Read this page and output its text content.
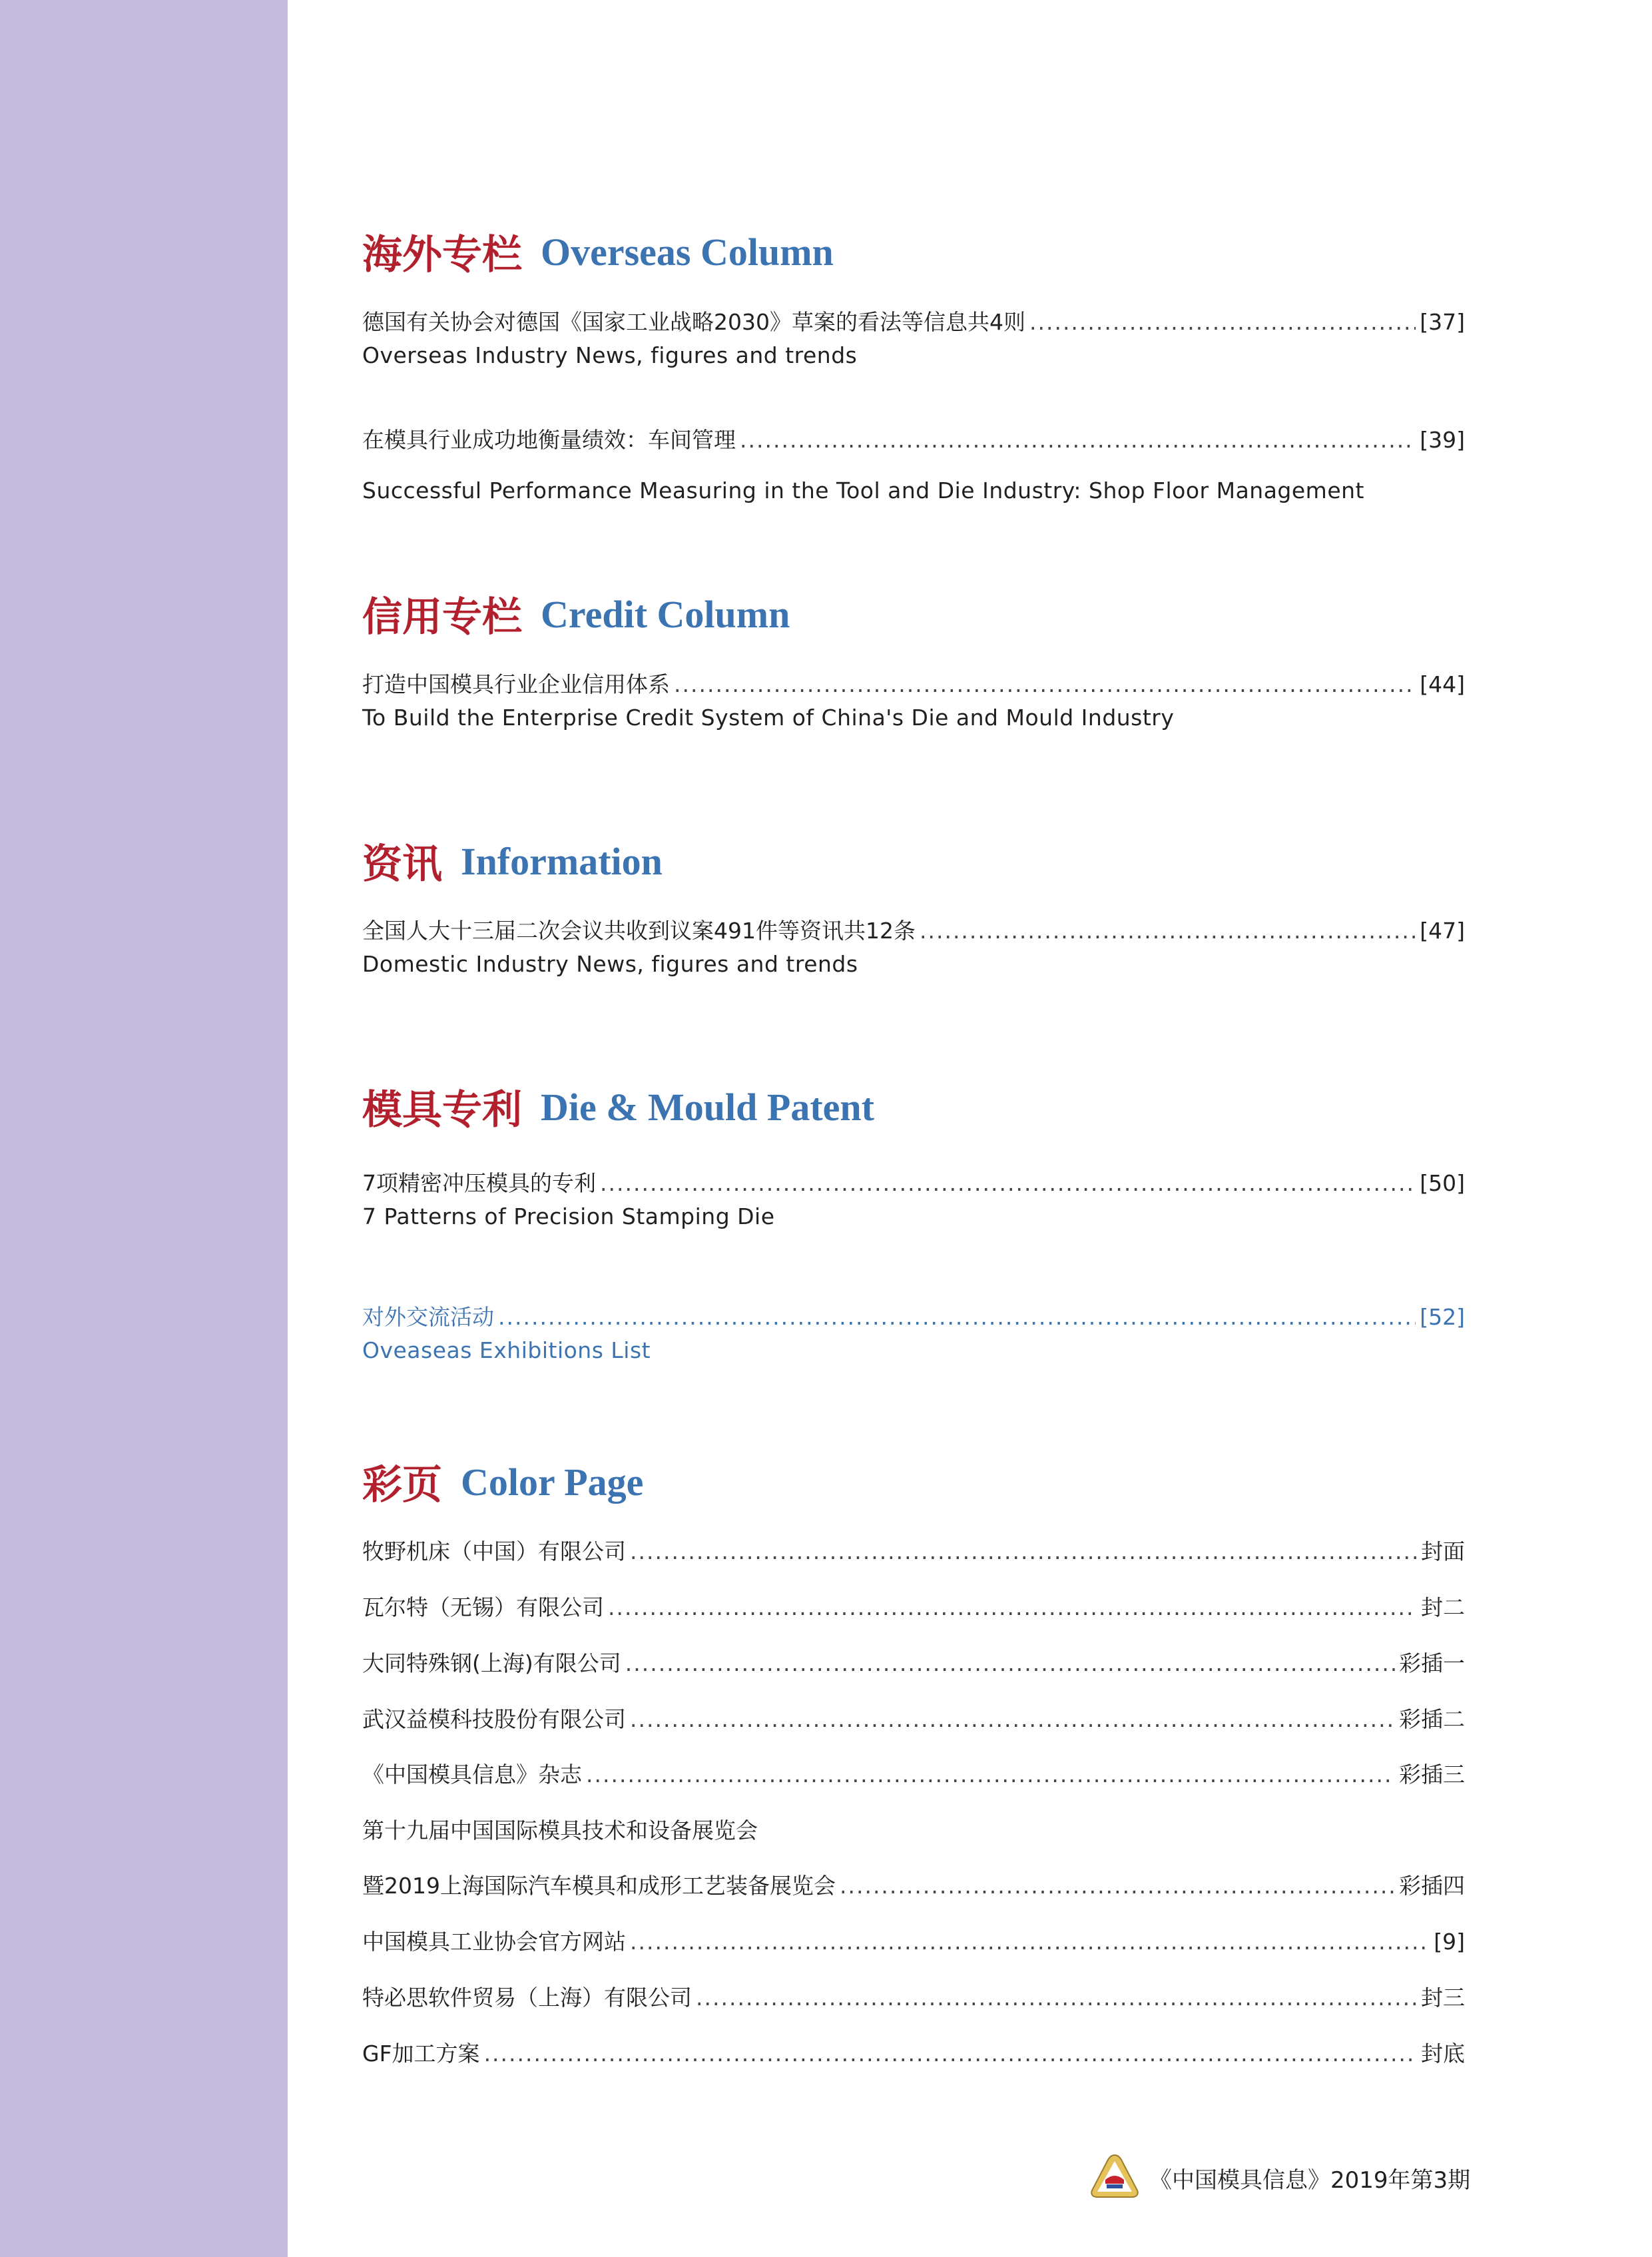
海外专栏 Overseas Column
德国有关协会对德国《国家工业战略2030》草案的看法等信息共4则 .....	[37]
Overseas Industry News, figures and trends
在模具行业成功地衡量绩效：车间管理 .....	[39]
Successful Performance Measuring in the Tool and Die Industry: Shop Floor Management
信用专栏 Credit Column
打造中国模具行业企业信用体系 .....	[44]
To Build the Enterprise Credit System of China's Die and Mould Industry
资讯 Information
全国人大十三届二次会议共收到议案491件等资讯共12条 .....	[47]
Domestic Industry News, figures and trends
模具专利 Die & Mould Patent
7项精密冲压模具的专利 .....	[50]
7 Patterns of Precision Stamping Die
对外交流活动 .....	[52]
Oveaseas Exhibitions List
彩页 Color Page
牧野机床（中国）有限公司 .....	封面
瓦尔特（无锡）有限公司 .....	封二
大同特殊钢(上海)有限公司 .....	彩插一
武汉益模科技股份有限公司 .....	彩插二
《中国模具信息》杂志 .....	彩插三
第十九届中国国际模具技术和设备展览会
暨2019上海国际汽车模具和成形工艺装备展览会 .....	彩插四
中国模具工业协会官方网站 .....	[9]
特必思软件贸易（上海）有限公司 .....	封三
GF加工方案 .....	封底
《中国模具信息》2019年第3期
